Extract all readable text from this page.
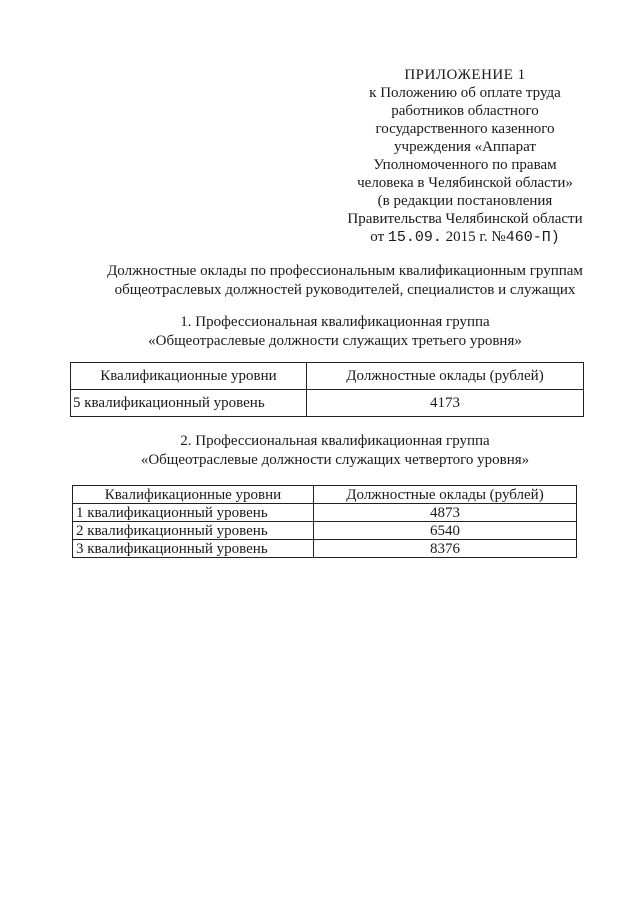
ПРИЛОЖЕНИЕ 1
к Положению об оплате труда
работников областного
государственного казенного
учреждения «Аппарат
Уполномоченного по правам
человека в Челябинской области»
(в редакции постановления
Правительства Челябинской области
от 15.09. 2015 г. №460-П)
Должностные оклады по профессиональным квалификационным группам
общеотраслевых должностей руководителей, специалистов и служащих
1. Профессиональная квалификационная группа
«Общеотраслевые должности служащих третьего уровня»
Квалификационные уровни	Должностные оклады (рублей)
5 квалификационный уровень	4173
2. Профессиональная квалификационная группа
«Общеотраслевые должности служащих четвертого уровня»
Квалификационные уровни	Должностные оклады (рублей)
1 квалификационный уровень	4873
2 квалификационный уровень	6540
3 квалификационный уровень	8376
